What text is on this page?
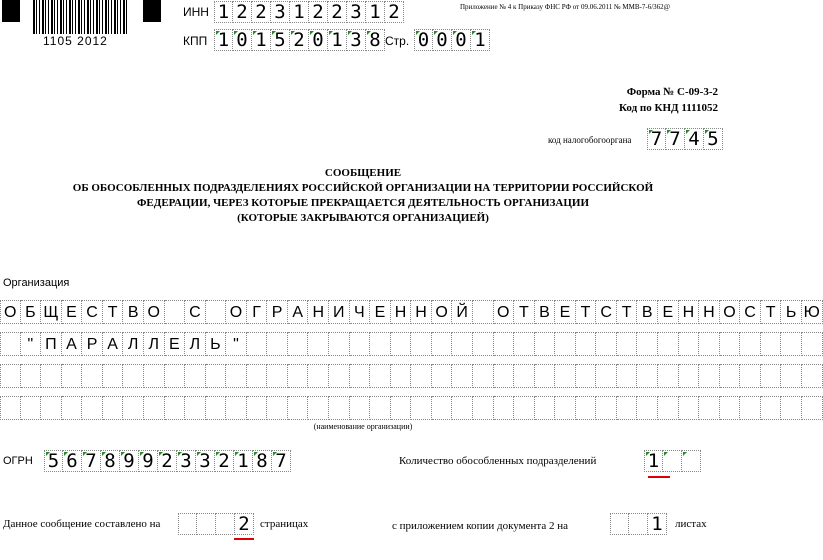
1105 2012
ИНН 1 2 2 3 1 2 2 3 1 2
КПП 1 0 1 5 2 0 1 3 8 Стр. 0 0 0 1
Приложение № 4 к Приказу ФНС РФ от 09.06.2011 № ММВ-7-6/362@
Форма № С-09-3-2
Код по КНД 1111052
код налогобогооргана 7 7 4 5
СООБЩЕНИЕ
ОБ ОБОСОБЛЕННЫХ ПОДРАЗДЕЛЕНИЯХ РОССИЙСКОЙ ОРГАНИЗАЦИИ НА ТЕРРИТОРИИ РОССИЙСКОЙ
ФЕДЕРАЦИИ, ЧЕРЕЗ КОТОРЫЕ ПРЕКРАЩАЕТСЯ ДЕЯТЕЛЬНОСТЬ ОРГАНИЗАЦИИ
(КОТОРЫЕ ЗАКРЫВАЮТСЯ ОРГАНИЗАЦИЕЙ)
Организация
О Б Щ Е С Т В О С	О Г Р А Н И Ч Е Н Н О Й	О Т В Е Т С Т В Е Н Н О С Т Ь Ю
" П А Р А Л Л Е Л Ь "
(наименование организации)
ОГРН 5 6 7 8 9 9 2 3 3 2 1 8 7	Количество обособленных подразделений	1
Данное сообщение составлено на	2 страницах	с приложением копии документа 2 на	1	листах
